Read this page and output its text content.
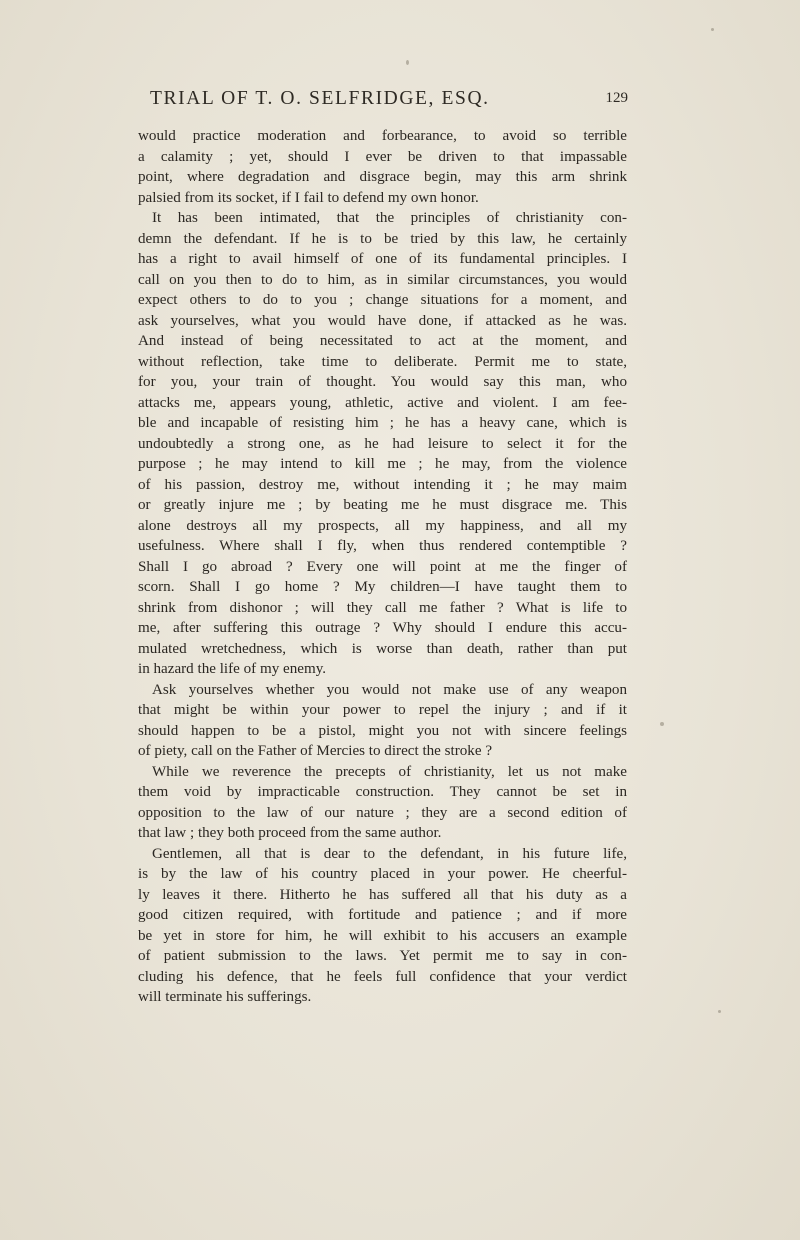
TRIAL OF T. O. SELFRIDGE, ESQ.	129
would practice moderation and forbearance, to avoid so terrible
a calamity ; yet, should I ever be driven to that impassable
point, where degradation and disgrace begin, may this arm shrink
palsied from its socket, if I fail to defend my own honor.
It has been intimated, that the principles of christianity con-
demn the defendant. If he is to be tried by this law, he certainly
has a right to avail himself of one of its fundamental principles. I
call on you then to do to him, as in similar circumstances, you would
expect others to do to you ; change situations for a moment, and
ask yourselves, what you would have done, if attacked as he was.
And instead of being necessitated to act at the moment, and
without reflection, take time to deliberate. Permit me to state,
for you, your train of thought. You would say this man, who
attacks me, appears young, athletic, active and violent. I am fee-
ble and incapable of resisting him ; he has a heavy cane, which is
undoubtedly a strong one, as he had leisure to select it for the
purpose ; he may intend to kill me ; he may, from the violence
of his passion, destroy me, without intending it ; he may maim
or greatly injure me ; by beating me he must disgrace me. This
alone destroys all my prospects, all my happiness, and all my
usefulness. Where shall I fly, when thus rendered contemptible ?
Shall I go abroad ? Every one will point at me the finger of
scorn. Shall I go home ? My children—I have taught them to
shrink from dishonor ; will they call me father ? What is life to
me, after suffering this outrage ? Why should I endure this accu-
mulated wretchedness, which is worse than death, rather than put
in hazard the life of my enemy.
Ask yourselves whether you would not make use of any weapon
that might be within your power to repel the injury ; and if it
should happen to be a pistol, might you not with sincere feelings
of piety, call on the Father of Mercies to direct the stroke ?
While we reverence the precepts of christianity, let us not make
them void by impracticable construction. They cannot be set in
opposition to the law of our nature ; they are a second edition of
that law ; they both proceed from the same author.
Gentlemen, all that is dear to the defendant, in his future life,
is by the law of his country placed in your power. He cheerful-
ly leaves it there. Hitherto he has suffered all that his duty as a
good citizen required, with fortitude and patience ; and if more
be yet in store for him, he will exhibit to his accusers an example
of patient submission to the laws. Yet permit me to say in con-
cluding his defence, that he feels full confidence that your verdict
will terminate his sufferings.
